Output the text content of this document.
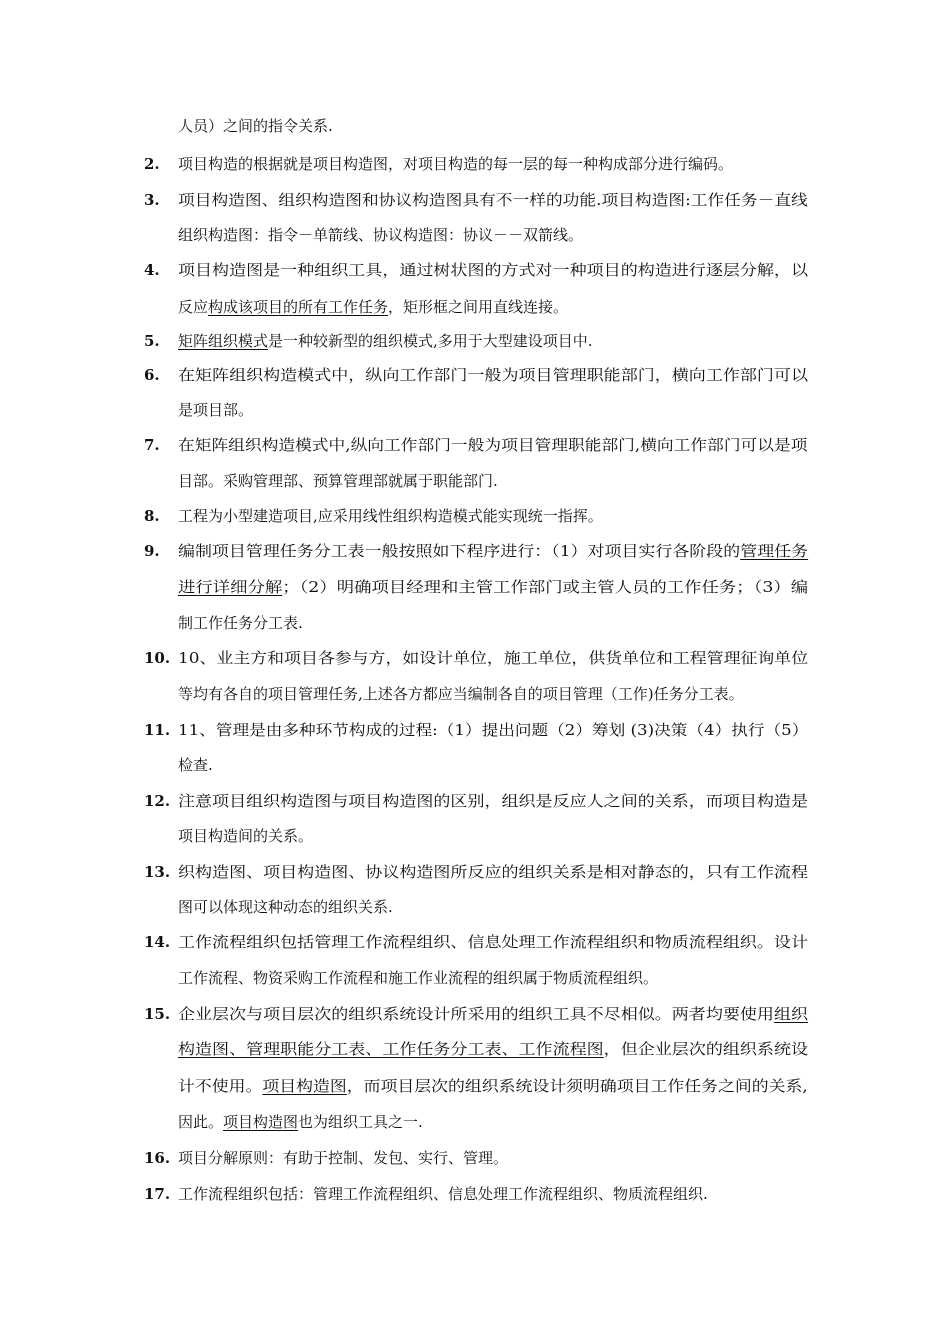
人员）之间的指令关系.
2. 项目构造的根据就是项目构造图，对项目构造的每一层的每一种构成部分进行编码。
3. 项目构造图、组织构造图和协议构造图具有不一样的功能.项目构造图:工作任务－直线
组织构造图：指令－单箭线、协议构造图：协议－－双箭线。
4. 项目构造图是一种组织工具，通过树状图的方式对一种项目的构造进行逐层分解，以
反应构成该项目的所有工作任务，矩形框之间用直线连接。
5. 矩阵组织模式是一种较新型的组织模式,多用于大型建设项目中.
6. 在矩阵组织构造模式中，纵向工作部门一般为项目管理职能部门，横向工作部门可以
是项目部。
7. 在矩阵组织构造模式中,纵向工作部门一般为项目管理职能部门,横向工作部门可以是项
目部。采购管理部、预算管理部就属于职能部门.
8. 工程为小型建造项目,应采用线性组织构造模式能实现统一指挥。
9. 编制项目管理任务分工表一般按照如下程序进行：（1）对项目实行各阶段的管理任务
进行详细分解；（2）明确项目经理和主管工作部门或主管人员的工作任务；（3）编
制工作任务分工表.
10. 10、业主方和项目各参与方，如设计单位，施工单位，供货单位和工程管理征询单位
等均有各自的项目管理任务,上述各方都应当编制各自的项目管理（工作)任务分工表。
11. 11、管理是由多种环节构成的过程:（1）提出问题（2）筹划 (3)决策（4）执行（5）
检查.
12. 注意项目组织构造图与项目构造图的区别，组织是反应人之间的关系，而项目构造是
项目构造间的关系。
13. 织构造图、项目构造图、协议构造图所反应的组织关系是相对静态的，只有工作流程
图可以体现这种动态的组织关系.
14. 工作流程组织包括管理工作流程组织、信息处理工作流程组织和物质流程组织。设计
工作流程、物资采购工作流程和施工作业流程的组织属于物质流程组织。
15. 企业层次与项目层次的组织系统设计所采用的组织工具不尽相似。两者均要使用组织
构造图、管理职能分工表、工作任务分工表、工作流程图，但企业层次的组织系统设
计不使用。项目构造图，而项目层次的组织系统设计须明确项目工作任务之间的关系,
因此。项目构造图也为组织工具之一.
16. 项目分解原则：有助于控制、发包、实行、管理。
17. 工作流程组织包括：管理工作流程组织、信息处理工作流程组织、物质流程组织.
